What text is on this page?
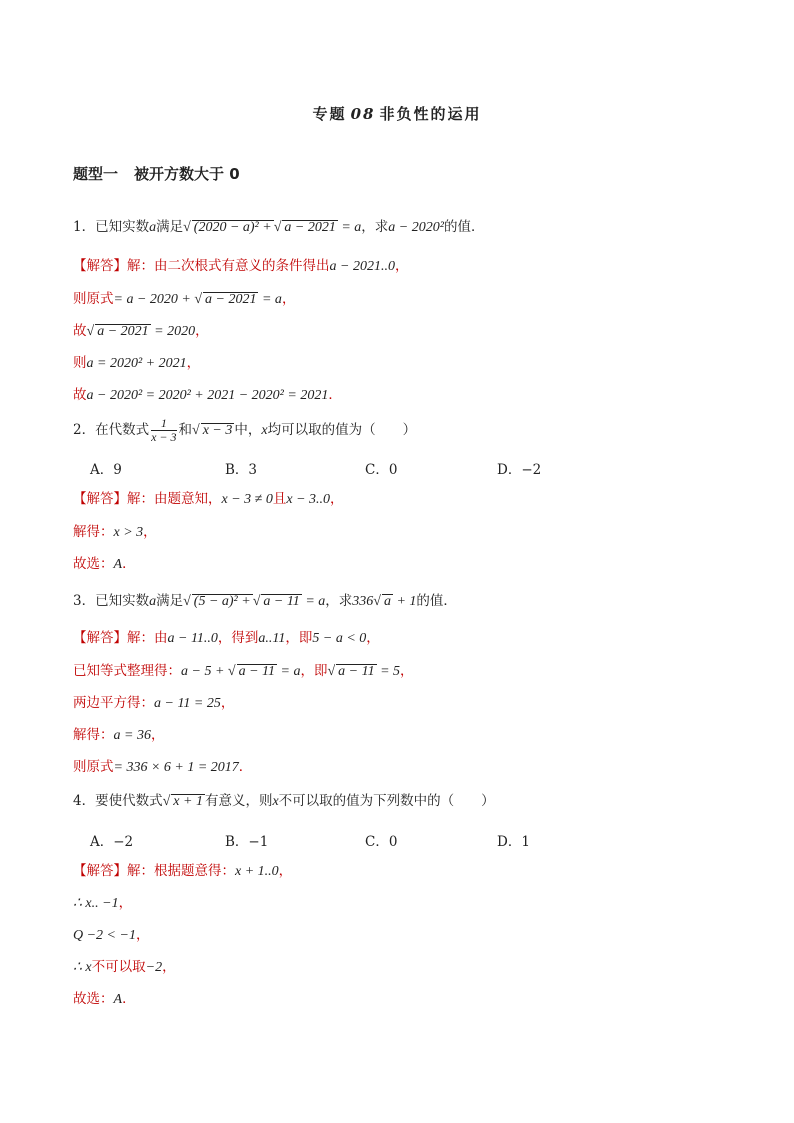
专题 08 非负性的运用
题型一 被开方数大于 0
1．已知实数a满足√ (2020 − a)² +√ a − 2021 = a，求a − 2020²的值．
【解答】解：由二次根式有意义的条件得出a − 2021..0，
则原式= a − 2020 + √ a − 2021 = a，
故√ a − 2021 = 2020，
则a = 2020² + 2021，
故a − 2020² = 2020² + 2021 − 2020² = 2021．
2．在代数式 $\frac{1}{x - 3}$ 和√ x − 3 中，x均可以取的值为（　　）
A．9	B．3	C．0	D．−2
【解答】解：由题意知，x − 3 ≠ 0且x − 3..0，
解得：x > 3，
故选：A．
3．已知实数a满足√ (5 − a)² +√ a − 11 = a，求336√ a + 1的值．
【解答】解：由a − 11..0，得到a..11，即5 − a < 0，
已知等式整理得：a − 5 + √ a − 11 = a，即√ a − 11 = 5，
两边平方得：a − 11 = 25，
解得：a = 36，
则原式= 336 × 6 + 1 = 2017．
4．要使代数式√ x + 1 有意义，则x不可以取的值为下列数中的（　　）
A．−2	B．−1	C．0	D．1
【解答】解：根据题意得：x + 1..0，
∴ x.. −1，
Q −2 < −1，
∴ x不可以取−2，
故选：A．
